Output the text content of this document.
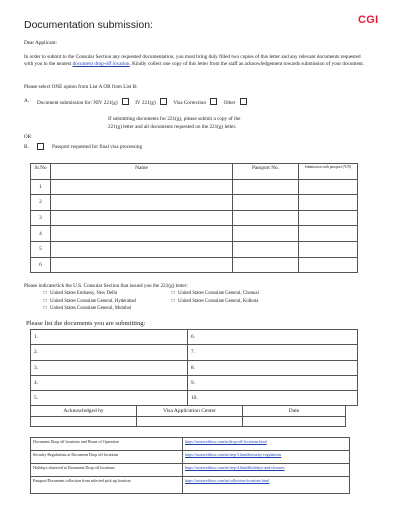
Documentation submission:	CGI
Dear Applicant:
In order to submit to the Consular Section any requested documentation, you must bring duly filled two copies of this letter and any relevant documents requested with you to the nearest document drop-off location. Kindly collect one copy of this letter from the staff as acknowledgement towards submission of your document.
Please select ONE option from List A OR from List B:
A. Document submission for: NIV 221(g)	IV 221(g)	Visa Correction	Other
If submitting documents for 221(g), please submit a copy of the
221(g) letter and all documents requested on the 221(g) letter.
OR
B.	Passport requested for final visa processing
Sr.No	Name	Passport No.	Submission with passport (Y/N)
1			
2			
3			
4			
5			
6			
Please indicate/tick the U.S. Consular Section that issued you the 221(g) letter:
□ United States Embassy, New Delhi	□ United States Consulate General, Chennai
□ United States Consulate General, Hyderabad	□ United States Consulate General, Kolkota
□ United States Consulate General, Mumbai
Please list the documents you are submitting:
1.	6.
2.	7.
3.	8.
4.	9.
5.	10.
Acknowledged by	Visa Application Center	Date

Document Drop off locations and Hours of Operation	https://ustraveldocs.com/in/drop-off-locations.html
Security Regulations at Document Drop off locations	https://ustraveldocs.com/in/step-5.html#security-regulations
Holidays observed at Document Drop off locations	https://ustraveldocs.com/in/step-4.html#holidays-and-closures
Passport/Document collection from selected pick up location	https://ustraveldocs.com/in/collection-locations.html
